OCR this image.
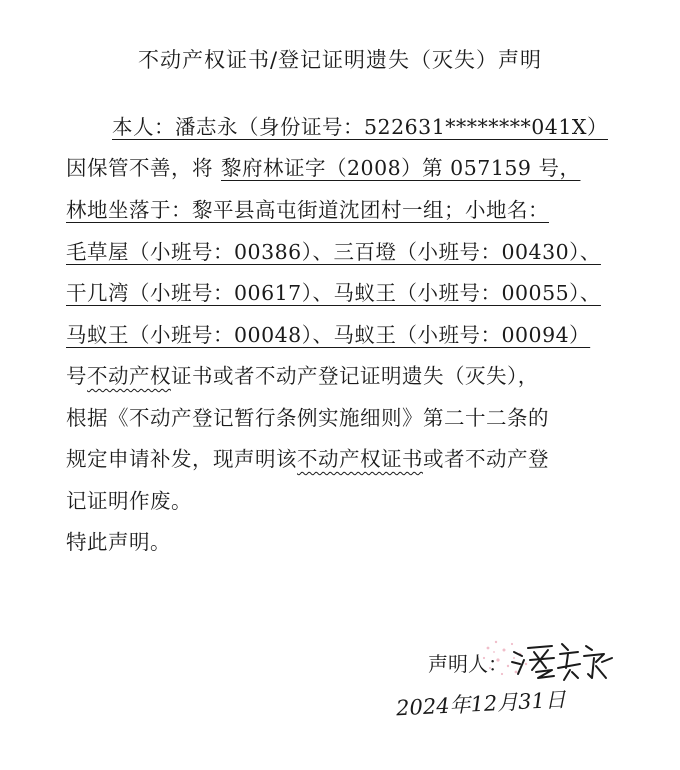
不动产权证书/登记证明遗失（灭失）声明
本人：潘志永（身份证号：522631********041X）
因保管不善，将 黎府林证字（2008）第 057159 号，
林地坐落于：黎平县高屯街道沈团村一组；小地名：
毛草屋（小班号：00386）、三百墱（小班号：00430）、
干几湾（小班号：00617）、马蚁王（小班号：00055）、
马蚁王（小班号：00048）、马蚁王（小班号：00094）
号不动产权证书或者不动产登记证明遗失（灭失），
根据《不动产登记暂行条例实施细则》第二十二条的
规定申请补发，现声明该不动产权证书或者不动产登
记证明作废。
特此声明。
声明人：
2024年12月31日
